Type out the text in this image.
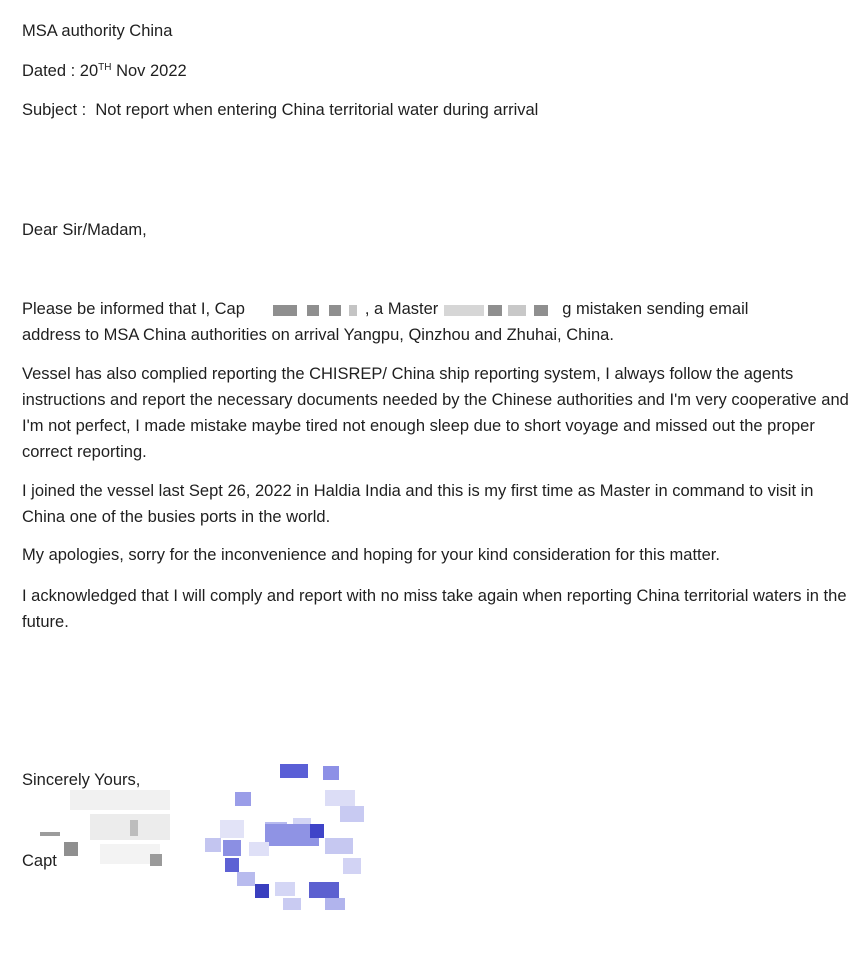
MSA authority China
Dated : 20TH Nov 2022
Subject : Not report when entering China territorial water during arrival
Dear Sir/Madam,
Please be informed that I, Cap	, a Master	g mistaken sending email
address to MSA China authorities on arrival Yangpu, Qinzhou and Zhuhai, China.
Vessel has also complied reporting the CHISREP/ China ship reporting system, I always follow the agents instructions and report the necessary documents needed by the Chinese authorities and I'm very cooperative and I'm not perfect, I made mistake maybe tired not enough sleep due to short voyage and missed out the proper correct reporting.
I joined the vessel last Sept 26, 2022 in Haldia India and this is my first time as Master in command to visit in China one of the busies ports in the world.
My apologies, sorry for the inconvenience and hoping for your kind consideration for this matter.
I acknowledged that I will comply and report with no miss take again when reporting China territorial waters in the future.
Sincerely Yours,
Capt
